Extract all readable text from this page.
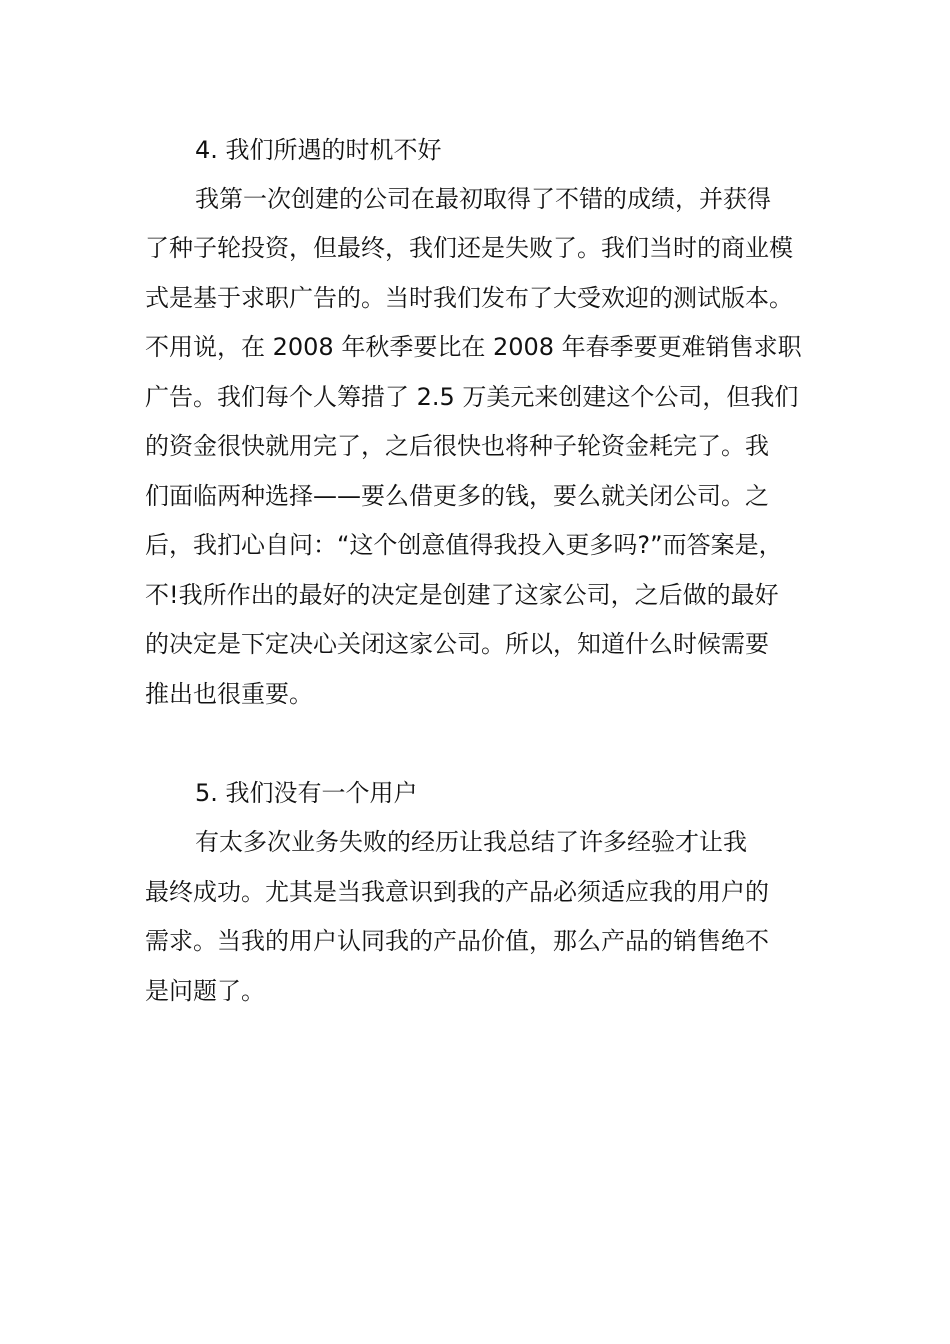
4. 我们所遇的时机不好
我第一次创建的公司在最初取得了不错的成绩，并获得
了种子轮投资，但最终，我们还是失败了。我们当时的商业模
式是基于求职广告的。当时我们发布了大受欢迎的测试版本。
不用说，在 2008 年秋季要比在 2008 年春季要更难销售求职
广告。我们每个人筹措了 2.5 万美元来创建这个公司，但我们
的资金很快就用完了，之后很快也将种子轮资金耗完了。我
们面临两种选择——要么借更多的钱，要么就关闭公司。之
后，我扪心自问：“这个创意值得我投入更多吗?”而答案是，
不!我所作出的最好的决定是创建了这家公司，之后做的最好
的决定是下定决心关闭这家公司。所以，知道什么时候需要
推出也很重要。
5. 我们没有一个用户
有太多次业务失败的经历让我总结了许多经验才让我
最终成功。尤其是当我意识到我的产品必须适应我的用户的
需求。当我的用户认同我的产品价值，那么产品的销售绝不
是问题了。
